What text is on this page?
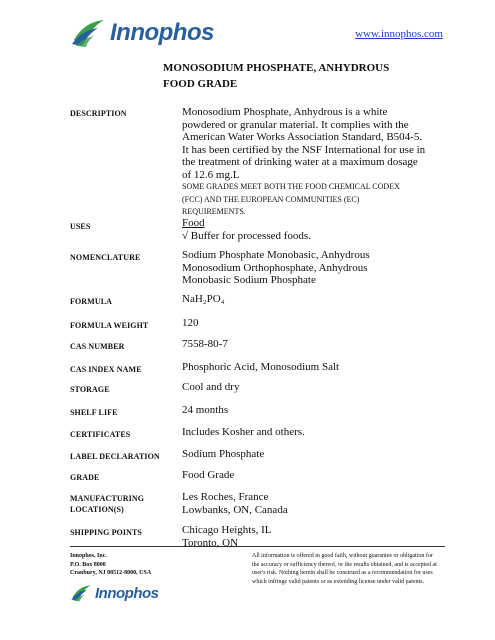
Innophos	www.innophos.com
MONOSODIUM PHOSPHATE, ANHYDROUS
FOOD GRADE
DESCRIPTION	Monosodium Phosphate, Anhydrous is a white
powdered or granular material. It complies with the
American Water Works Association Standard, B504-5.
It has been certified by the NSF International for use in
the treatment of drinking water at a maximum dosage
of 12.6 mg.L
SOME GRADES MEET BOTH THE FOOD CHEMICAL CODEX
(FCC) AND THE EUROPEAN COMMUNITIES (EC)
REQUIREMENTS.
USES	Food
√ Buffer for processed foods.
NOMENCLATURE	Sodium Phosphate Monobasic, Anhydrous
Monosodium Orthophosphate, Anhydrous
Monobasic Sodium Phosphate
FORMULA	NaH₂PO₄
FORMULA WEIGHT	120
CAS NUMBER	7558-80-7
CAS INDEX NAME	Phosphoric Acid, Monosodium Salt
STORAGE	Cool and dry
SHELF LIFE	24 months
CERTIFICATES	Includes Kosher and others.
LABEL DECLARATION Sodium Phosphate
GRADE	Food Grade
MANUFACTURING
LOCATION(S)
Les Roches, France
Lowbanks, ON, Canada
SHIPPING POINTS	Chicago Heights, IL
Toronto, ON
Innophos, Inc.
P.O. Box 8000
Cranbury, NJ 08512-8000, USA
All information is offered in good faith, without guarantee or obligation for
the accuracy or sufficiency thereof, or the results obtained, and is accepted at
user's risk. Nothing herein shall be construed as a recommendation for uses
which infringe valid patents or as extending license under valid patents.
Innophos
